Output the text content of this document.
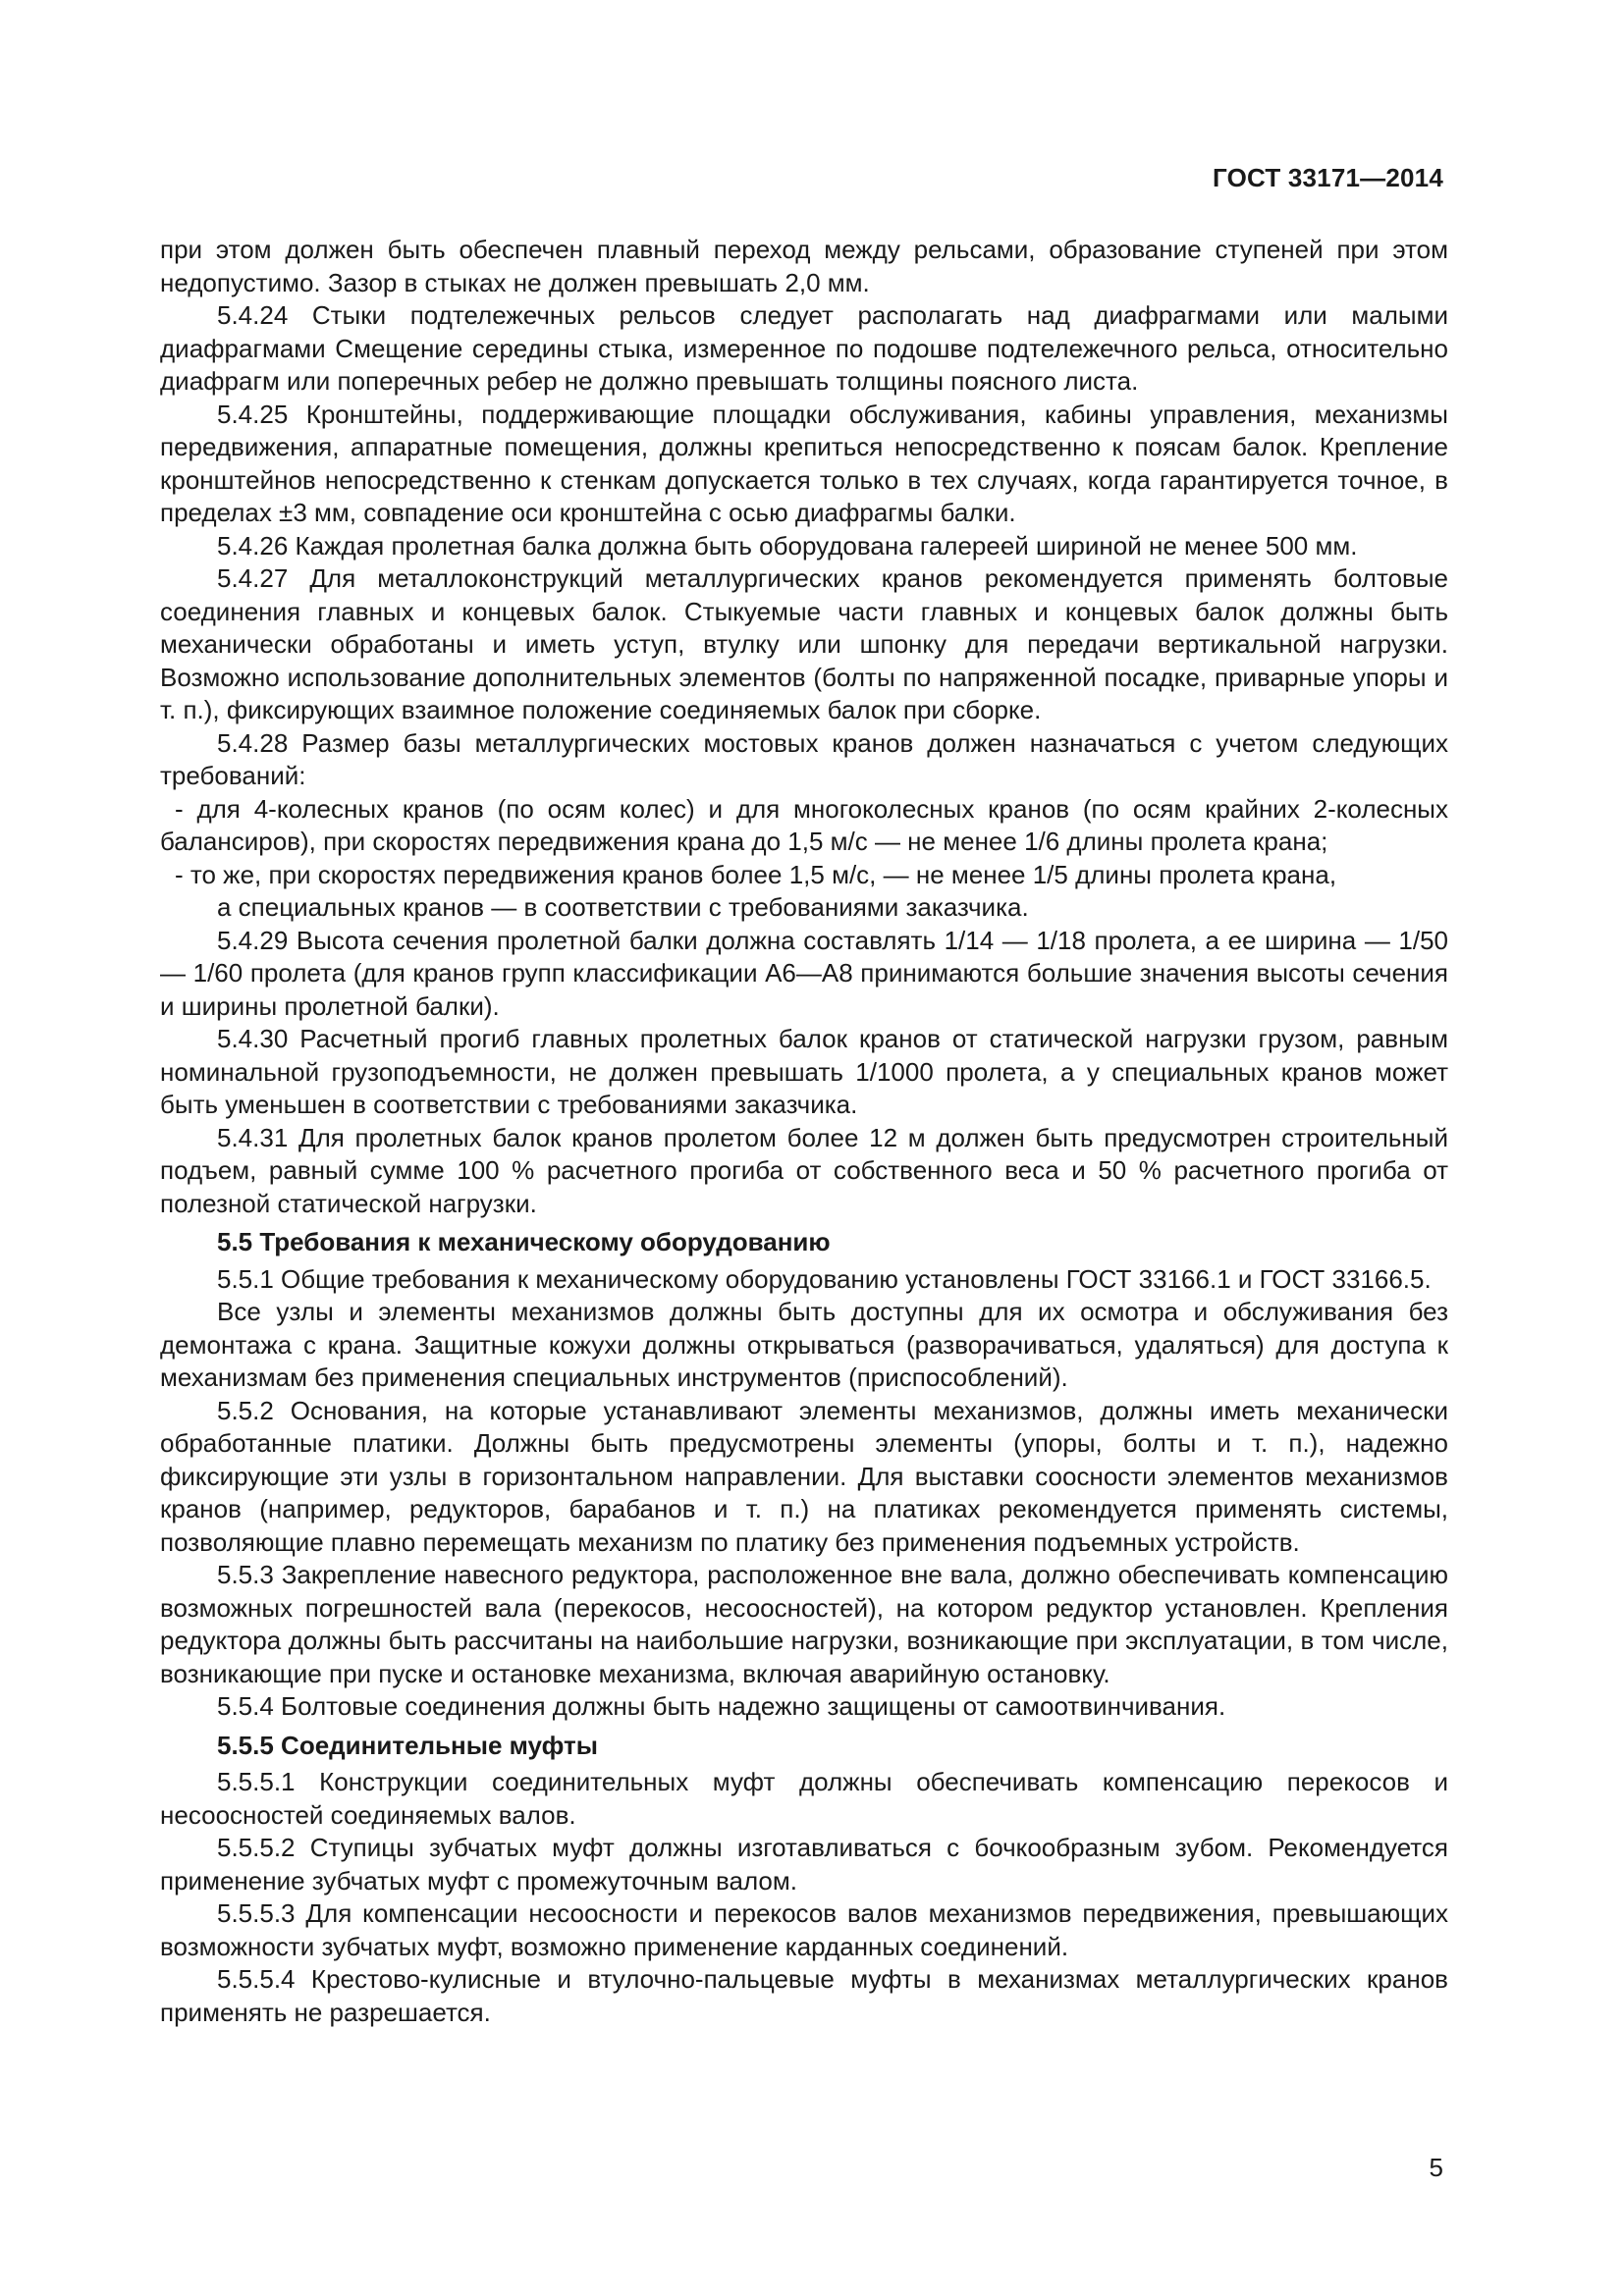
ГОСТ 33171—2014

при этом должен быть обеспечен плавный переход между рельсами, образование ступеней при этом недопустимо. Зазор в стыках не должен превышать 2,0 мм.

5.4.24 Стыки подтележечных рельсов следует располагать над диафрагмами или малыми диафрагмами Смещение середины стыка, измеренное по подошве подтележечного рельса, относительно диафрагм или поперечных ребер не должно превышать толщины поясного листа.

5.4.25 Кронштейны, поддерживающие площадки обслуживания, кабины управления, механизмы передвижения, аппаратные помещения, должны крепиться непосредственно к поясам балок. Крепление кронштейнов непосредственно к стенкам допускается только в тех случаях, когда гарантируется точное, в пределах ±3 мм, совпадение оси кронштейна с осью диафрагмы балки.

5.4.26 Каждая пролетная балка должна быть оборудована галереей шириной не менее 500 мм.

5.4.27 Для металлоконструкций металлургических кранов рекомендуется применять болтовые соединения главных и концевых балок. Стыкуемые части главных и концевых балок должны быть механически обработаны и иметь уступ, втулку или шпонку для передачи вертикальной нагрузки. Возможно использование дополнительных элементов (болты по напряженной посадке, приварные упоры и т. п.), фиксирующих взаимное положение соединяемых балок при сборке.

5.4.28 Размер базы металлургических мостовых кранов должен назначаться с учетом следующих требований:

- для 4-колесных кранов (по осям колес) и для многоколесных кранов (по осям крайних 2-колесных балансиров), при скоростях передвижения крана до 1,5 м/с — не менее 1/6 длины пролета крана;

- то же, при скоростях передвижения кранов более 1,5 м/с, — не менее 1/5 длины пролета крана,

а специальных кранов — в соответствии с требованиями заказчика.

5.4.29 Высота сечения пролетной балки должна составлять 1/14 — 1/18 пролета, а ее ширина — 1/50 — 1/60 пролета (для кранов групп классификации А6—А8 принимаются большие значения высоты сечения и ширины пролетной балки).

5.4.30 Расчетный прогиб главных пролетных балок кранов от статической нагрузки грузом, равным номинальной грузоподъемности, не должен превышать 1/1000 пролета, а у специальных кранов может быть уменьшен в соответствии с требованиями заказчика.

5.4.31 Для пролетных балок кранов пролетом более 12 м должен быть предусмотрен строительный подъем, равный сумме 100 % расчетного прогиба от собственного веса и 50 % расчетного прогиба от полезной статической нагрузки.

5.5 Требования к механическому оборудованию

5.5.1 Общие требования к механическому оборудованию установлены ГОСТ 33166.1 и ГОСТ 33166.5.

Все узлы и элементы механизмов должны быть доступны для их осмотра и обслуживания без демонтажа с крана. Защитные кожухи должны открываться (разворачиваться, удаляться) для доступа к механизмам без применения специальных инструментов (приспособлений).

5.5.2 Основания, на которые устанавливают элементы механизмов, должны иметь механически обработанные платики. Должны быть предусмотрены элементы (упоры, болты и т. п.), надежно фиксирующие эти узлы в горизонтальном направлении. Для выставки соосности элементов механизмов кранов (например, редукторов, барабанов и т. п.) на платиках рекомендуется применять системы, позволяющие плавно перемещать механизм по платику без применения подъемных устройств.

5.5.3 Закрепление навесного редуктора, расположенное вне вала, должно обеспечивать компенсацию возможных погрешностей вала (перекосов, несоосностей), на котором редуктор установлен. Крепления редуктора должны быть рассчитаны на наибольшие нагрузки, возникающие при эксплуатации, в том числе, возникающие при пуске и остановке механизма, включая аварийную остановку.

5.5.4 Болтовые соединения должны быть надежно защищены от самоотвинчивания.

5.5.5 Соединительные муфты

5.5.5.1 Конструкции соединительных муфт должны обеспечивать компенсацию перекосов и несоосностей соединяемых валов.

5.5.5.2 Ступицы зубчатых муфт должны изготавливаться с бочкообразным зубом. Рекомендуется применение зубчатых муфт с промежуточным валом.

5.5.5.3 Для компенсации несоосности и перекосов валов механизмов передвижения, превышающих возможности зубчатых муфт, возможно применение карданных соединений.

5.5.5.4 Крестово-кулисные и втулочно-пальцевые муфты в механизмах металлургических кранов применять не разрешается.

5
